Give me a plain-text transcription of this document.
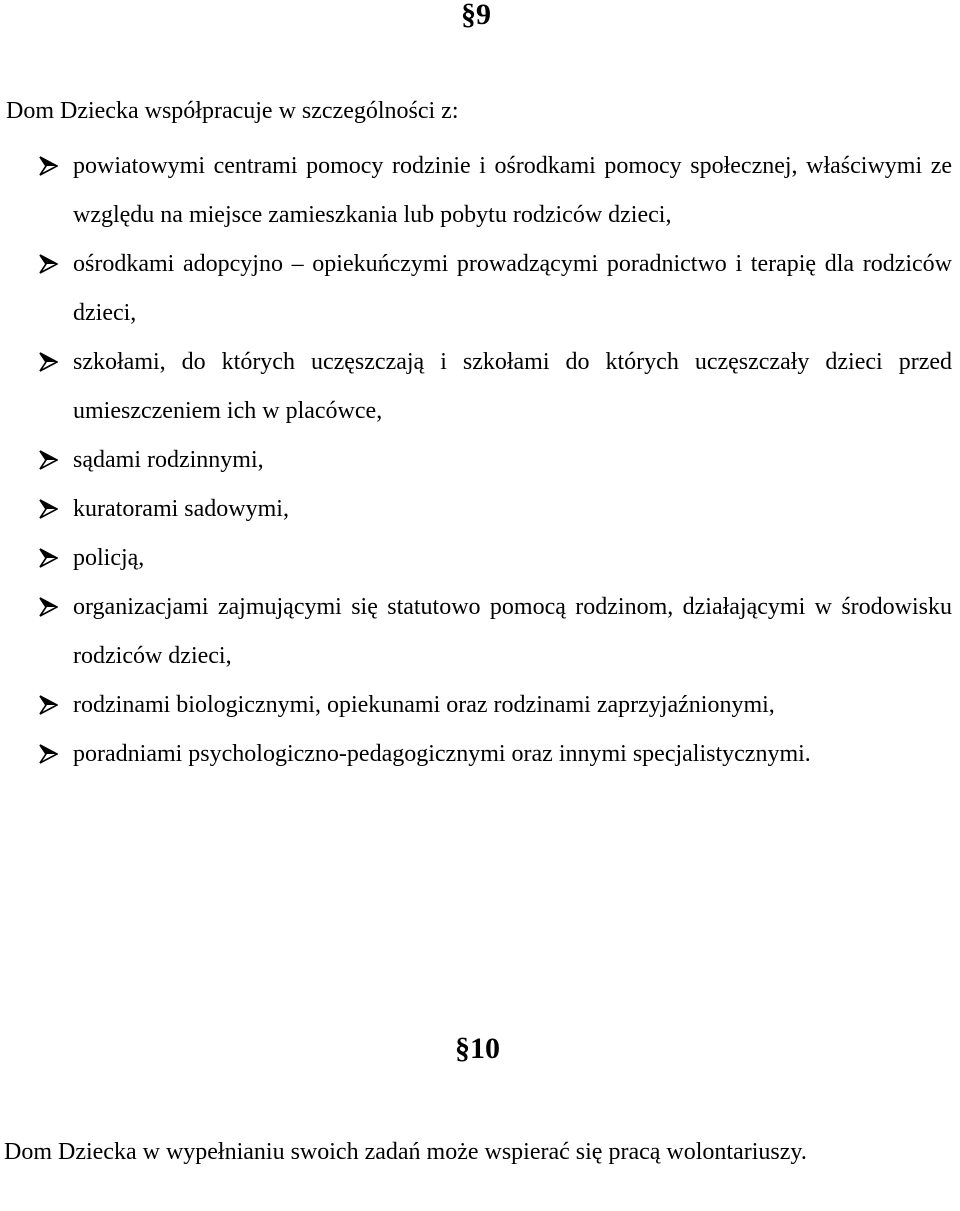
§9

Dom Dziecka współpracuje w szczególności z:

powiatowymi centrami pomocy rodzinie i ośrodkami pomocy społecznej, właściwymi ze względu na miejsce zamieszkania lub pobytu rodziców dzieci,
ośrodkami adopcyjno – opiekuńczymi prowadzącymi poradnictwo i terapię dla rodziców dzieci,
szkołami, do których uczęszczają i szkołami do których uczęszczały dzieci przed umieszczeniem ich w placówce,
sądami rodzinnymi,
kuratorami sadowymi,
policją,
organizacjami zajmującymi się statutowo pomocą rodzinom, działającymi w środowisku rodziców dzieci,
rodzinami biologicznymi, opiekunami oraz rodzinami zaprzyjaźnionymi,
poradniami psychologiczno-pedagogicznymi oraz innymi specjalistycznymi.
§10

Dom Dziecka w wypełnianiu swoich zadań może wspierać się pracą wolontariuszy.
